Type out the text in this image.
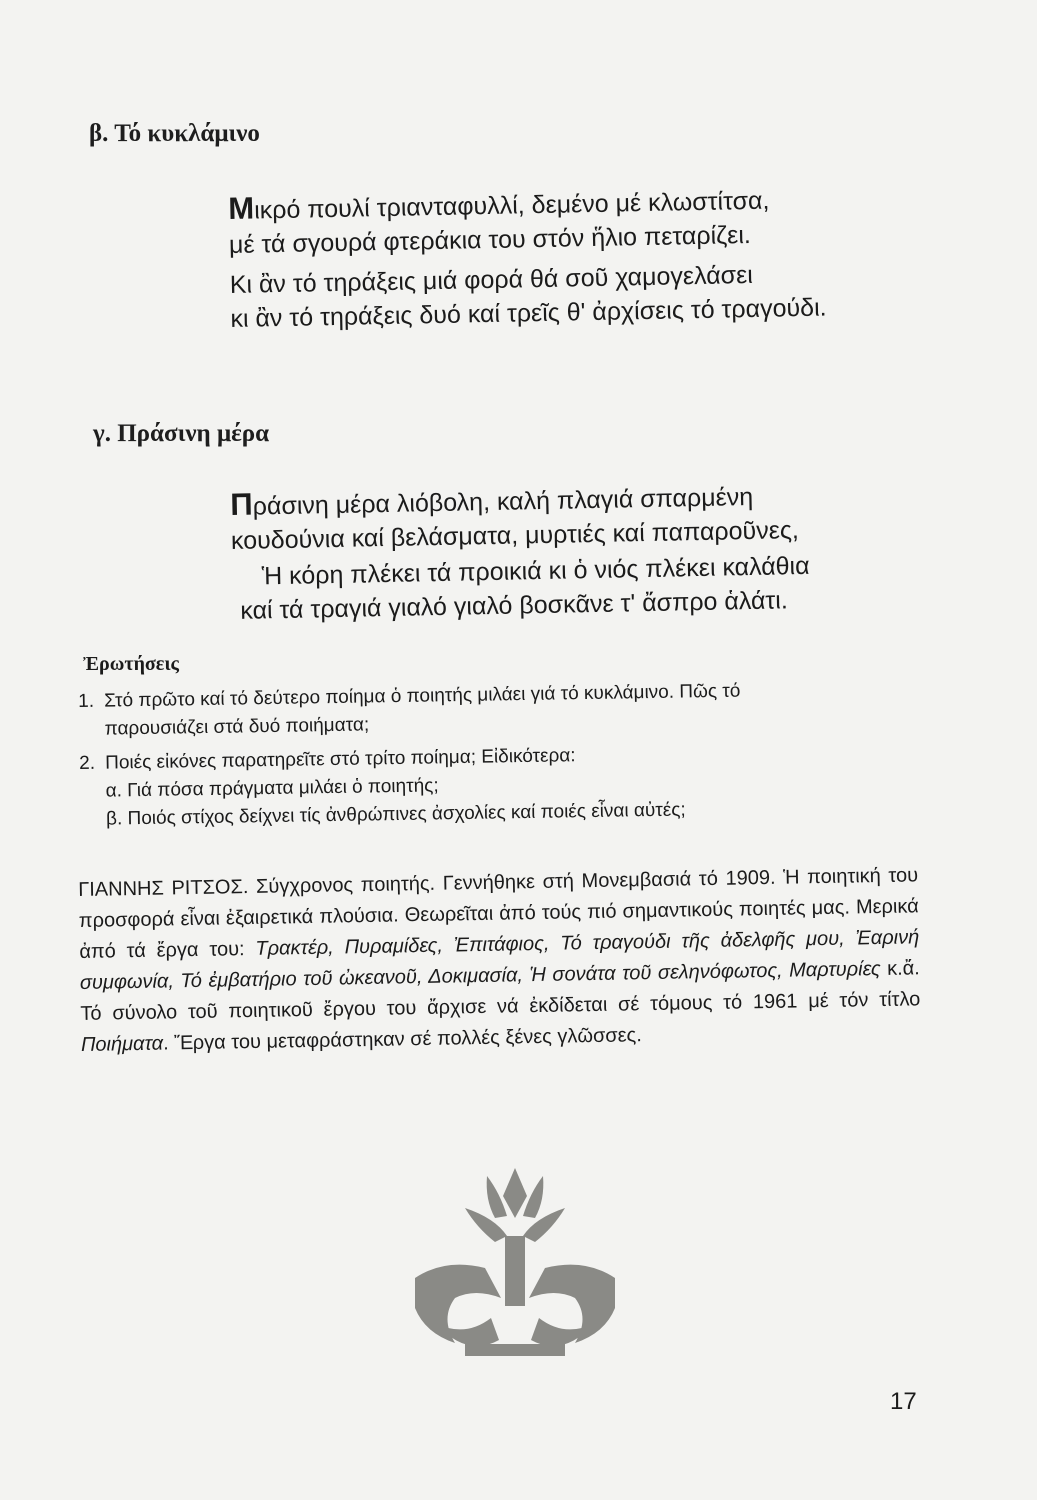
β. Τό κυκλάμινο
Μικρό πουλί τριανταφυλλί, δεμένο μέ κλωστίτσα,
μέ τά σγουρά φτεράκια του στόν ἥλιο πεταρίζει.
Κι ἂν τό τηράξεις μιά φορά θά σοῦ χαμογελάσει
κι ἂν τό τηράξεις δυό καί τρεῖς θ' ἀρχίσεις τό τραγούδι.
γ. Πράσινη μέρα
Πράσινη μέρα λιόβολη, καλή πλαγιά σπαρμένη
κουδούνια καί βελάσματα, μυρτιές καί παπαροῦνες,
Ἡ κόρη πλέκει τά προικιά κι ὁ νιός πλέκει καλάθια
καί τά τραγιά γιαλό γιαλό βοσκᾶνε τ' ἄσπρο ἁλάτι.
Ἐρωτήσεις
1. Στό πρῶτο καί τό δεύτερο ποίημα ὁ ποιητής μιλάει γιά τό κυκλάμινο. Πῶς τό
παρουσιάζει στά δυό ποιήματα;
2. Ποιές εἰκόνες παρατηρεῖτε στό τρίτο ποίημα; Εἰδικότερα:
α. Γιά πόσα πράγματα μιλάει ὁ ποιητής;
β. Ποιός στίχος δείχνει τίς ἀνθρώπινες ἀσχολίες καί ποιές εἶναι αὐτές;
ΓΙΑΝΝΗΣ ΡΙΤΣΟΣ. Σύγχρονος ποιητής. Γεννήθηκε στή Μονεμβασιά τό 1909. Ἡ ποιητική του προσφορά εἶναι ἐξαιρετικά πλούσια. Θεωρεῖται ἀπό τούς πιό σημαντικούς ποιητές μας. Μερικά ἀπό τά ἔργα του: Τρακτέρ, Πυραμίδες, Ἐπιτάφιος, Τό τραγούδι τῆς ἀδελφῆς μου, Ἐαρινή συμφωνία, Τό ἐμβατήριο τοῦ ὠκεανοῦ, Δοκιμασία, Ἡ σονάτα τοῦ σεληνόφωτος, Μαρτυρίες κ.ἄ. Τό σύνολο τοῦ ποιητικοῦ ἔργου του ἄρχισε νά ἐκδίδεται σέ τόμους τό 1961 μέ τόν τίτλο Ποιήματα. Ἔργα του μεταφράστηκαν σέ πολλές ξένες γλῶσσες.
17
